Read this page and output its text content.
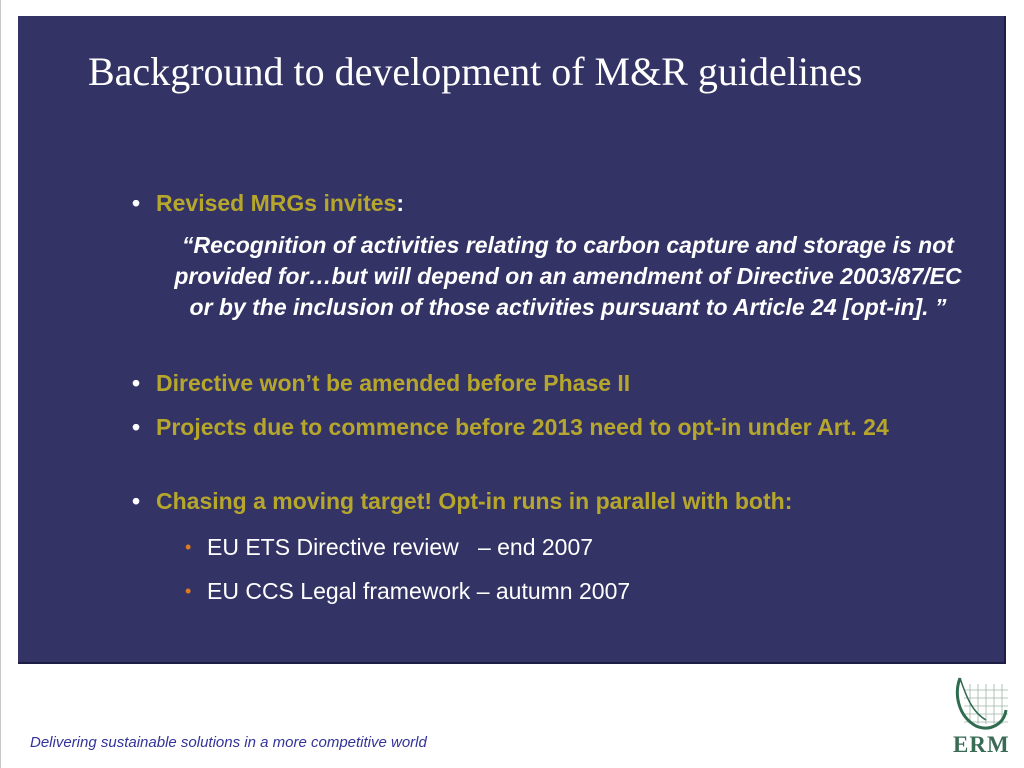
Background to development of M&R guidelines
• Revised MRGs invites:
“Recognition of activities relating to carbon capture and storage is not provided for…but will depend on an amendment of Directive 2003/87/EC or by the inclusion of those activities pursuant to Article 24 [opt-in]. ”
• Directive won’t be amended before Phase II
• Projects due to commence before 2013 need to opt-in under Art. 24
• Chasing a moving target! Opt-in runs in parallel with both:
• EU ETS Directive review   – end 2007
• EU CCS Legal framework – autumn 2007
Delivering sustainable solutions in a more competitive world	ERM
